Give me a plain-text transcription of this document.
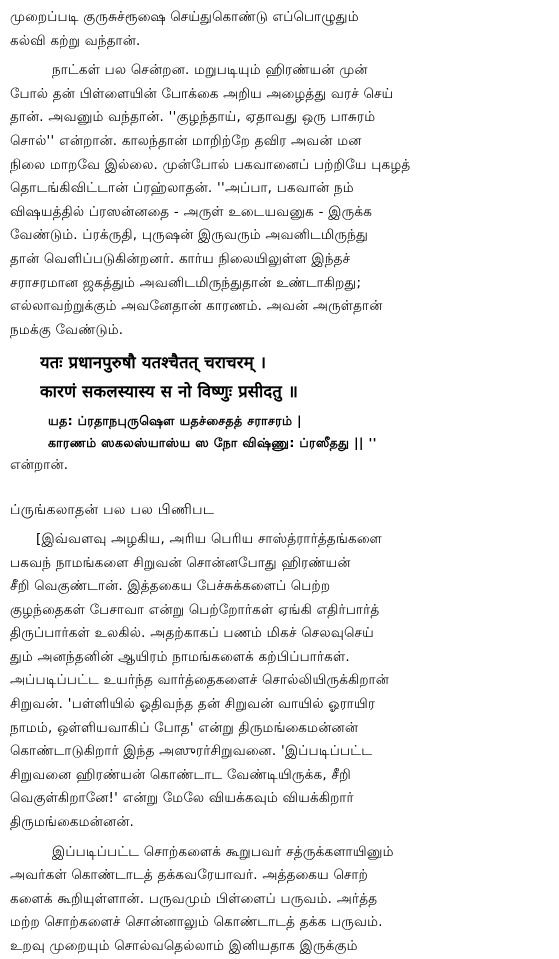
முறைப்படி குருசுச்ரூஷை செய்துகொண்டு எப்பொழுதும்
கல்வி கற்று வந்தான்.
நாட்கள் பல சென்றன. மறுபடியும் ஹிரண்யன் முன்
போல் தன் பிள்ளையின் போக்கை அறிய அழைத்து வரச் செய்
தான். அவனும் வந்தான். ''குழந்தாய், ஏதாவது ஒரு பாசுரம்
சொல்'' என்றான். காலந்தான் மாறிற்றே தவிர அவன் மன
நிலை மாறவே இல்லை. முன்போல் பகவானைப் பற்றியே புகழத்
தொடங்கிவிட்டான் ப்ரஹ்லாதன். ''அப்பா, பகவான் நம்
விஷயத்தில் ப்ரஸன்னதை - அருள் உடையவனுக - இருக்க
வேண்டும். ப்ரக்ருதி, புருஷன் இருவரும் அவனிடமிருந்து
தான் வெளிப்படுகின்றனர். கார்ய நிலையிலுள்ள இந்தச்
சராசரமான ஜகத்தும் அவனிடமிருந்துதான் உண்டாகிறது;
எல்லாவற்றுக்கும் அவனேதான் காரணம். அவன் அருள்தான்
நமக்கு வேண்டும்.
यतः प्रधानपुरुषौ यतश्चैतत् चराचरम् ।
कारणं सकलस्यास्य स नो विष्णुः प्रसीदतु ॥
யத: ப்ரதாநபுருஷௌ யதச்சைதத் சராசரம் |
காரணம் ஸகலஸ்யாஸ்ய ஸ நோ விஷ்ணு: ப்ரஸீதது || ''
என்றான்.
ப்ருங்கலாதன் பல பல பிணிபட
[இவ்வளவு அழகிய, அரிய பெரிய சாஸ்த்ரார்த்தங்களை
பகவந் நாமங்களை சிறுவன் சொன்னபோது ஹிரண்யன்
சீறி வெகுண்டான். இத்தகைய பேச்சுக்களைப் பெற்ற
குழந்தைகள் பேசாவா என்று பெற்றோர்கள் ஏங்கி எதிர்பார்த்
திருப்பார்கள் உலகில். அதற்காகப் பணம் மிகச் செலவுசெய்
தும் அனந்தனின் ஆயிரம் நாமங்களைக் கற்பிப்பார்கள்.
அப்படிப்பட்ட உயர்ந்த வார்த்தைகளைச் சொல்லியிருக்கிறான்
சிறுவன். 'பள்ளியில் ஓதிவந்த தன் சிறுவன் வாயில் ஓராயிர
நாமம், ஒள்ளியவாகிப் போத' என்று திருமங்கைமன்னன்
கொண்டாடுகிறார் இந்த அஸுரர்சிறுவனை. 'இப்படிப்பட்ட
சிறுவனை ஹிரண்யன் கொண்டாட வேண்டியிருக்க, சீறி
வெகுள்கிறானே!' என்று மேலே வியக்கவும் வியக்கிறார்
திருமங்கைமன்னன்.
இப்படிப்பட்ட சொற்களைக் கூறுபவர் சத்ருக்களாயினும்
அவர்கள் கொண்டாடத் தக்கவரேயாவர். அத்தகைய சொற்
களைக் கூறியுள்ளான். பருவமும் பிள்ளைப் பருவம். அர்த்த
மற்ற சொற்களைச் சொன்னாலும் கொண்டாடத் தக்க பருவம்.
உறவு முறையும் சொல்வதெல்லாம் இனியதாக இருக்கும்
